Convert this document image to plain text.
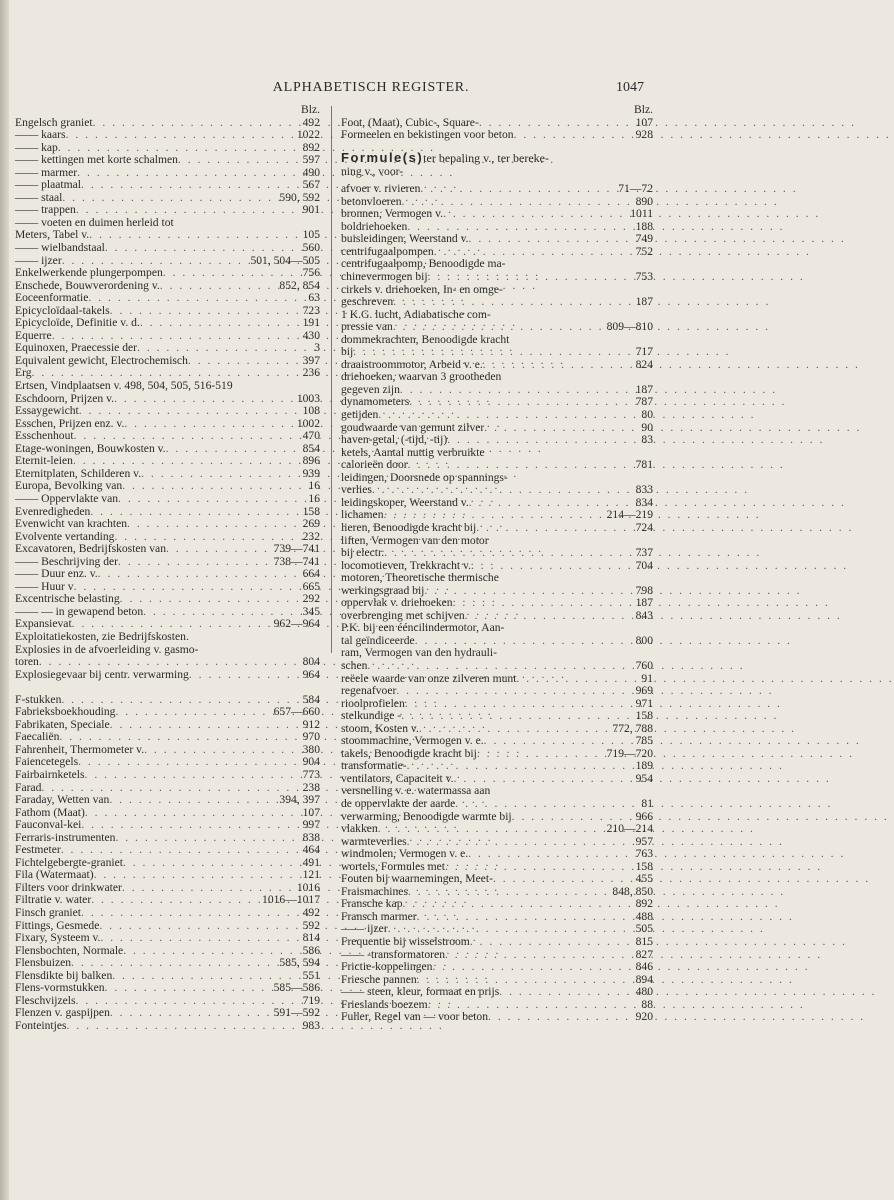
ALPHABETISCH REGISTER.	1047
Blz.
Engelsch graniet . . .	492
—— kaars . . .	1022
—— kap . . .	892
—— kettingen met korte schalmen . . .	597
—— marmer . . .	490
—— plaatmal . . .	567
—— staal . . .	590, 592
—— trappen . . .	901
—— voeten en duimen herleid tot
Meters, Tabel v. . . .	105
—— wielbandstaal . . .	560
—— ijzer . . .	501, 504—505
Enkelwerkende plungerpompen . . .	756
Enschede, Bouwverordening v. . . .	852, 854
Eoceenformatie . . .	63
Epicycloïdaal-takels . . .	723
Epicycloïde, Definitie v. d. . . .	191
Equerre . . .	430
Equinoxen, Praecessie der . . .	3
Equivalent gewicht, Electrochemisch . . .	397
Erg . . .	236
Ertsen, Vindplaatsen v. 498, 504, 505, 516-519
Eschdoorn, Prijzen v. . . .	1003
Essaygewicht . . .	108
Esschen, Prijzen enz. v. . . .	1002
Esschenhout . . .	470
Etage-woningen, Bouwkosten v. . . .	854
Eternit-leien . . .	896
Eternitplaten, Schilderen v. . . .	939
Europa, Bevolking van . . .	16
—— Oppervlakte van . . .	16
Evenredigheden . . .	158
Evenwicht van krachten . . .	269
Evolvente vertanding . . .	232
Excavatoren, Bedrijfskosten van . . .	739—741
—— Beschrijving der . . .	738—741
—— Duur enz. v. . . .	664
—— Huur v . . .	665
Excentrische belasting . . .	292
—— — in gewapend beton . . .	345
Expansievat . . .	962—964
Exploitatiekosten, zie Bedrijfskosten.
Explosies in de afvoerleiding v. gasmo-
toren . . .	804
Explosiegevaar bij centr. verwarming . . .	964
F-stukken . . .	584
Fabrieksboekhouding . . .	657—660
Fabrikaten, Speciale . . .	912
Faecaliën . . .	970
Fahrenheit, Thermometer v. . . .	380
Faiencetegels . . .	904
Fairbairnketels . . .	773
Farad . . .	238
Faraday, Wetten van . . .	394, 397
Fathom (Maat) . . .	107
Fauconval-kei . . .	997
Ferraris-instrumenten . . .	838
Festmeter . . .	464
Fichtelgebergte-graniet . . .	491
Fila (Watermaat) . . .	121
Filters voor drinkwater . . .	1016
Filtratie v. water . . .	1016—1017
Finsch graniet . . .	492
Fittings, Gesmede . . .	592
Fixary, Systeem v. . . .	814
Flensbochten, Normale . . .	586
Flensbuizen . . .	585, 594
Flensdikte bij balken . . .	551
Flens-vormstukken . . .	585—586
Fleschvijzels . . .	719
Flenzen v. gaspijpen . . .	591—592
Fonteintjes . . .	983
Blz.
Foot, (Maat), Cubic-, Square- . . .	107
Formeelen en bekistingen voor beton . . .	928
Formule(s) ter bepaling v., ter bereke-
ning v., voor-
afvoer v. rivieren . . .	71—72
betonvloeren . . .	890
bronnen, Vermogen v. . . .	1011
boldriehoeken . . .	188
buisleidingen, Weerstand v. . . .	749
centrifugaalpompen . . .	752
centrifugaalpomp, Benoodigde ma-
chinevermogen bij . . .	753
cirkels v. driehoeken, In- en omge-
geschreven . . .	187
1 K.G. lucht, Adiabatische com-
pressie van . . .	809—810
dommekrachten, Benoodigde kracht
bij . . .	717
draaistroommotor, Arbeid v. e. . . .	824
driehoeken, waarvan 3 grootheden
gegeven zijn . . .	187
dynamometers . . .	787
getijden . . .	80
goudwaarde van gemunt zilver . . .	90
haven-getal, (-tijd, -tij) . . .	83
ketels, Aantal nuttig verbruikte
calorieën door . . .	781
leidingen, Doorsnede op spannings-
verlies . . .	833
leidingskoper, Weerstand v. . . .	834
lichamen . . .	214—219
lieren, Benoodigde kracht bij . . .	724
liften, Vermogen van den motor
bij electr. . . .	737
locomotieven, Trekkracht v. . . .	704
motoren, Theoretische thermische
werkingsgraad bij . . .	798
oppervlak v. driehoeken . . .	187
overbrenging met schijven . . .	843
P.K. bij een ééncilindermotor, Aan-
tal geïndiceerde . . .	800
ram, Vermogen van den hydrauli-
schen . . .	760
reëele waarde van onze zilveren munt . . .	91
regenafvoer . . .	969
rioolprofielen . . .	971
stelkundige - . . .	158
stoom, Kosten v. . . .	772, 788
stoommachine, Vermogen v. e. . . .	785
takels, Benoodigde kracht bij . . .	719—720
transformatie- . . .	189
ventilators, Capaciteit v. . . .	954
versnelling v. e. watermassa aan
de oppervlakte der aarde . . .	81
verwarming, Benoodigde warmte bij . . .	966
vlakken . . .	210—214
warmteverlies . . .	957
windmolen, Vermogen v. e. . . .	763
wortels, Formules met . . .	158
Fouten bij waarnemingen, Meet- . . .	455
Fraismachines . . .	848, 850
Fransche kap . . .	892
Fransch marmer . . .	488
—— ijzer . . .	505
Frequentie bij wisselstroom . . .	815
—— -transformatoren . . .	827
Frictie-koppelingen . . .	846
Friesche pannen . . .	894
—— steen, kleur, formaat en prijs . . .	480
Frieslands boezem . . .	88
Fuller, Regel van — voor beton . . .	920
